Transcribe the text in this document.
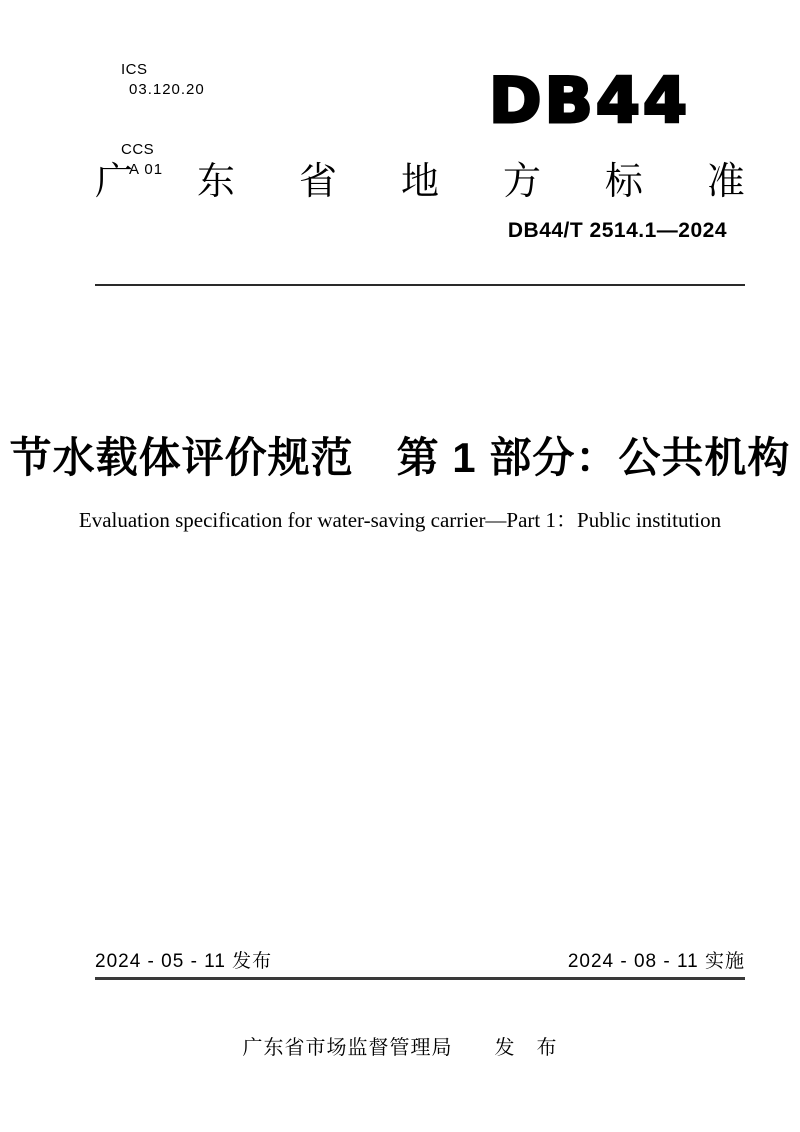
ICS
03.120.20

CCS
A 01

DB44
广 东 省 地 方 标 准
DB44/T 2514.1—2024
节水载体评价规范　第 1 部分：公共机构
Evaluation specification for water-saving carrier—Part 1：Public institution
2024 - 05 - 11 发布	2024 - 08 - 11 实施
广东省市场监督管理局　　发　布
